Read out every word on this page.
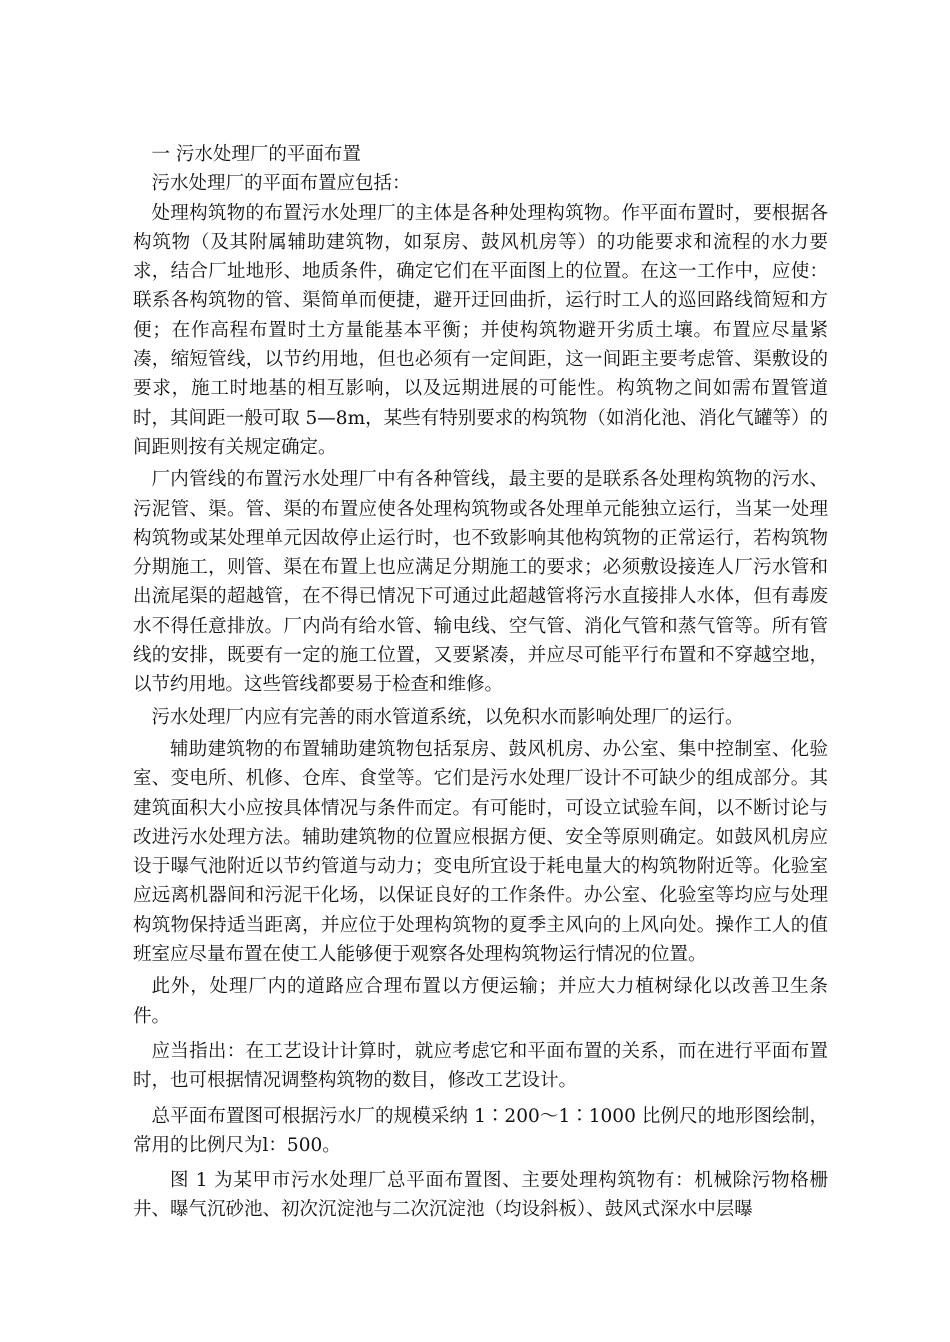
一 污水处理厂的平面布置

污水处理厂的平面布置应包括：

处理构筑物的布置污水处理厂的主体是各种处理构筑物。作平面布置时，要根据各构筑物（及其附属辅助建筑物，如泵房、鼓风机房等）的功能要求和流程的水力要求，结合厂址地形、地质条件，确定它们在平面图上的位置。在这一工作中，应使：联系各构筑物的管、渠简单而便捷，避开迂回曲折，运行时工人的巡回路线简短和方便；在作高程布置时土方量能基本平衡；并使构筑物避开劣质土壤。布置应尽量紧凑，缩短管线，以节约用地，但也必须有一定间距，这一间距主要考虑管、渠敷设的要求，施工时地基的相互影响，以及远期进展的可能性。构筑物之间如需布置管道时，其间距一般可取 5—8m，某些有特别要求的构筑物（如消化池、消化气罐等）的间距则按有关规定确定。

厂内管线的布置污水处理厂中有各种管线，最主要的是联系各处理构筑物的污水、污泥管、渠。管、渠的布置应使各处理构筑物或各处理单元能独立运行，当某一处理构筑物或某处理单元因故停止运行时，也不致影响其他构筑物的正常运行，若构筑物分期施工，则管、渠在布置上也应满足分期施工的要求；必须敷设接连人厂污水管和出流尾渠的超越管，在不得已情况下可通过此超越管将污水直接排人水体，但有毒废水不得任意排放。厂内尚有给水管、输电线、空气管、消化气管和蒸气管等。所有管线的安排，既要有一定的施工位置，又要紧凑，并应尽可能平行布置和不穿越空地，以节约用地。这些管线都要易于检查和维修。

污水处理厂内应有完善的雨水管道系统，以免积水而影响处理厂的运行。

辅助建筑物的布置辅助建筑物包括泵房、鼓风机房、办公室、集中控制室、化验室、变电所、机修、仓库、食堂等。它们是污水处理厂设计不可缺少的组成部分。其建筑面积大小应按具体情况与条件而定。有可能时，可设立试验车间，以不断讨论与改进污水处理方法。辅助建筑物的位置应根据方便、安全等原则确定。如鼓风机房应设于曝气池附近以节约管道与动力；变电所宜设于耗电量大的构筑物附近等。化验室应远离机器间和污泥干化场，以保证良好的工作条件。办公室、化验室等均应与处理构筑物保持适当距离，并应位于处理构筑物的夏季主风向的上风向处。操作工人的值班室应尽量布置在使工人能够便于观察各处理构筑物运行情况的位置。

此外，处理厂内的道路应合理布置以方便运输；并应大力植树绿化以改善卫生条件。

应当指出：在工艺设计计算时，就应考虑它和平面布置的关系，而在进行平面布置时，也可根据情况调整构筑物的数目，修改工艺设计。

总平面布置图可根据污水厂的规模采纳 1∶200～1∶1000 比例尺的地形图绘制，常用的比例尺为l：500。

图 1 为某甲市污水处理厂总平面布置图、主要处理构筑物有：机械除污物格栅井、曝气沉砂池、初次沉淀池与二次沉淀池（均设斜板）、鼓风式深水中层曝
